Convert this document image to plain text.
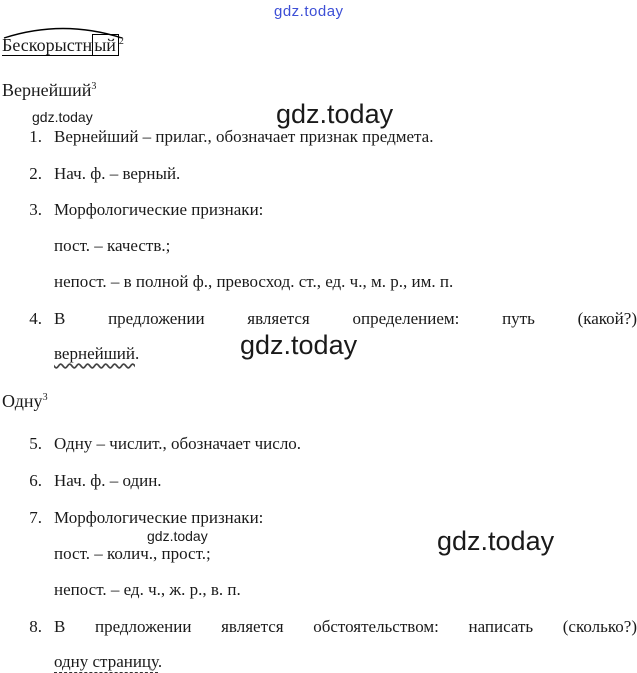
gdz.today
gdz.today	gdz.today
gdz.today
gdz.today	gdz.today
Бескорыстн ый $^2$
Вернейший$^3$
1. Вернейший – прилаг., обозначает признак предмета.
2. Нач. ф. – верный.
3. Морфологические признаки:
пост. – качеств.;
непост. – в полной ф., превосход. ст., ед. ч., м. р., им. п.
4. В	предложении	является	определением:	путь	(какой?)
вернейший.
Одну$^3$
5. Одну – числит., обозначает число.
6. Нач. ф. – один.
7. Морфологические признаки:
пост. – колич., прост.;
непост. – ед. ч., ж. р., в. п.
8. В предложении является обстоятельством: написать (сколько?)
одну страницу.
